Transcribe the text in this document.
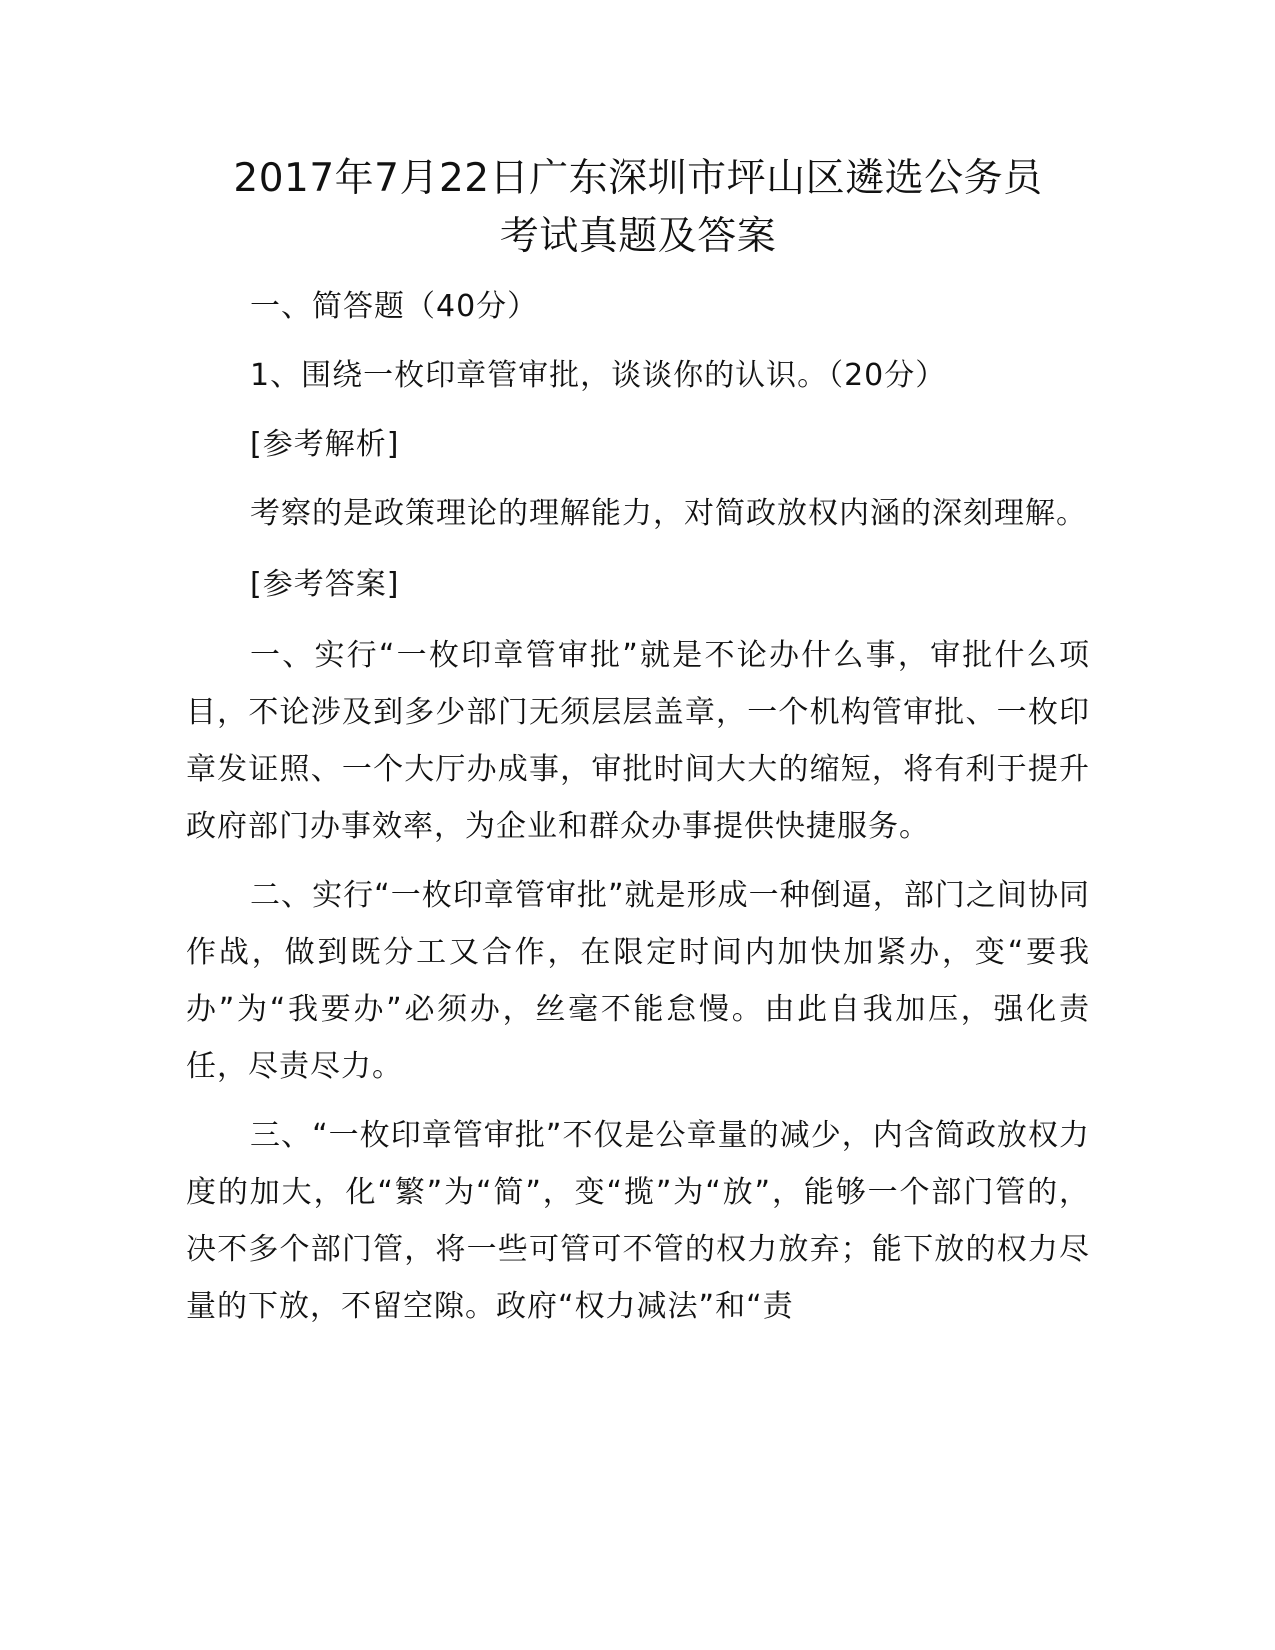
2017年7月22日广东深圳市坪山区遴选公务员
考试真题及答案

一、简答题（40分）

1、围绕一枚印章管审批，谈谈你的认识。（20分）

[参考解析]

考察的是政策理论的理解能力，对简政放权内涵的深刻理解。

[参考答案]

一、实行“一枚印章管审批”就是不论办什么事，审批什么项目，不论涉及到多少部门无须层层盖章，一个机构管审批、一枚印章发证照、一个大厅办成事，审批时间大大的缩短，将有利于提升政府部门办事效率，为企业和群众办事提供快捷服务。

二、实行“一枚印章管审批”就是形成一种倒逼，部门之间协同作战，做到既分工又合作，在限定时间内加快加紧办，变“要我办”为“我要办”必须办，丝毫不能怠慢。由此自我加压，强化责任，尽责尽力。

三、“一枚印章管审批”不仅是公章量的减少，内含简政放权力度的加大，化“繁”为“简”，变“揽”为“放”，能够一个部门管的，决不多个部门管，将一些可管可不管的权力放弃；能下放的权力尽量的下放，不留空隙。政府“权力减法”和“责
